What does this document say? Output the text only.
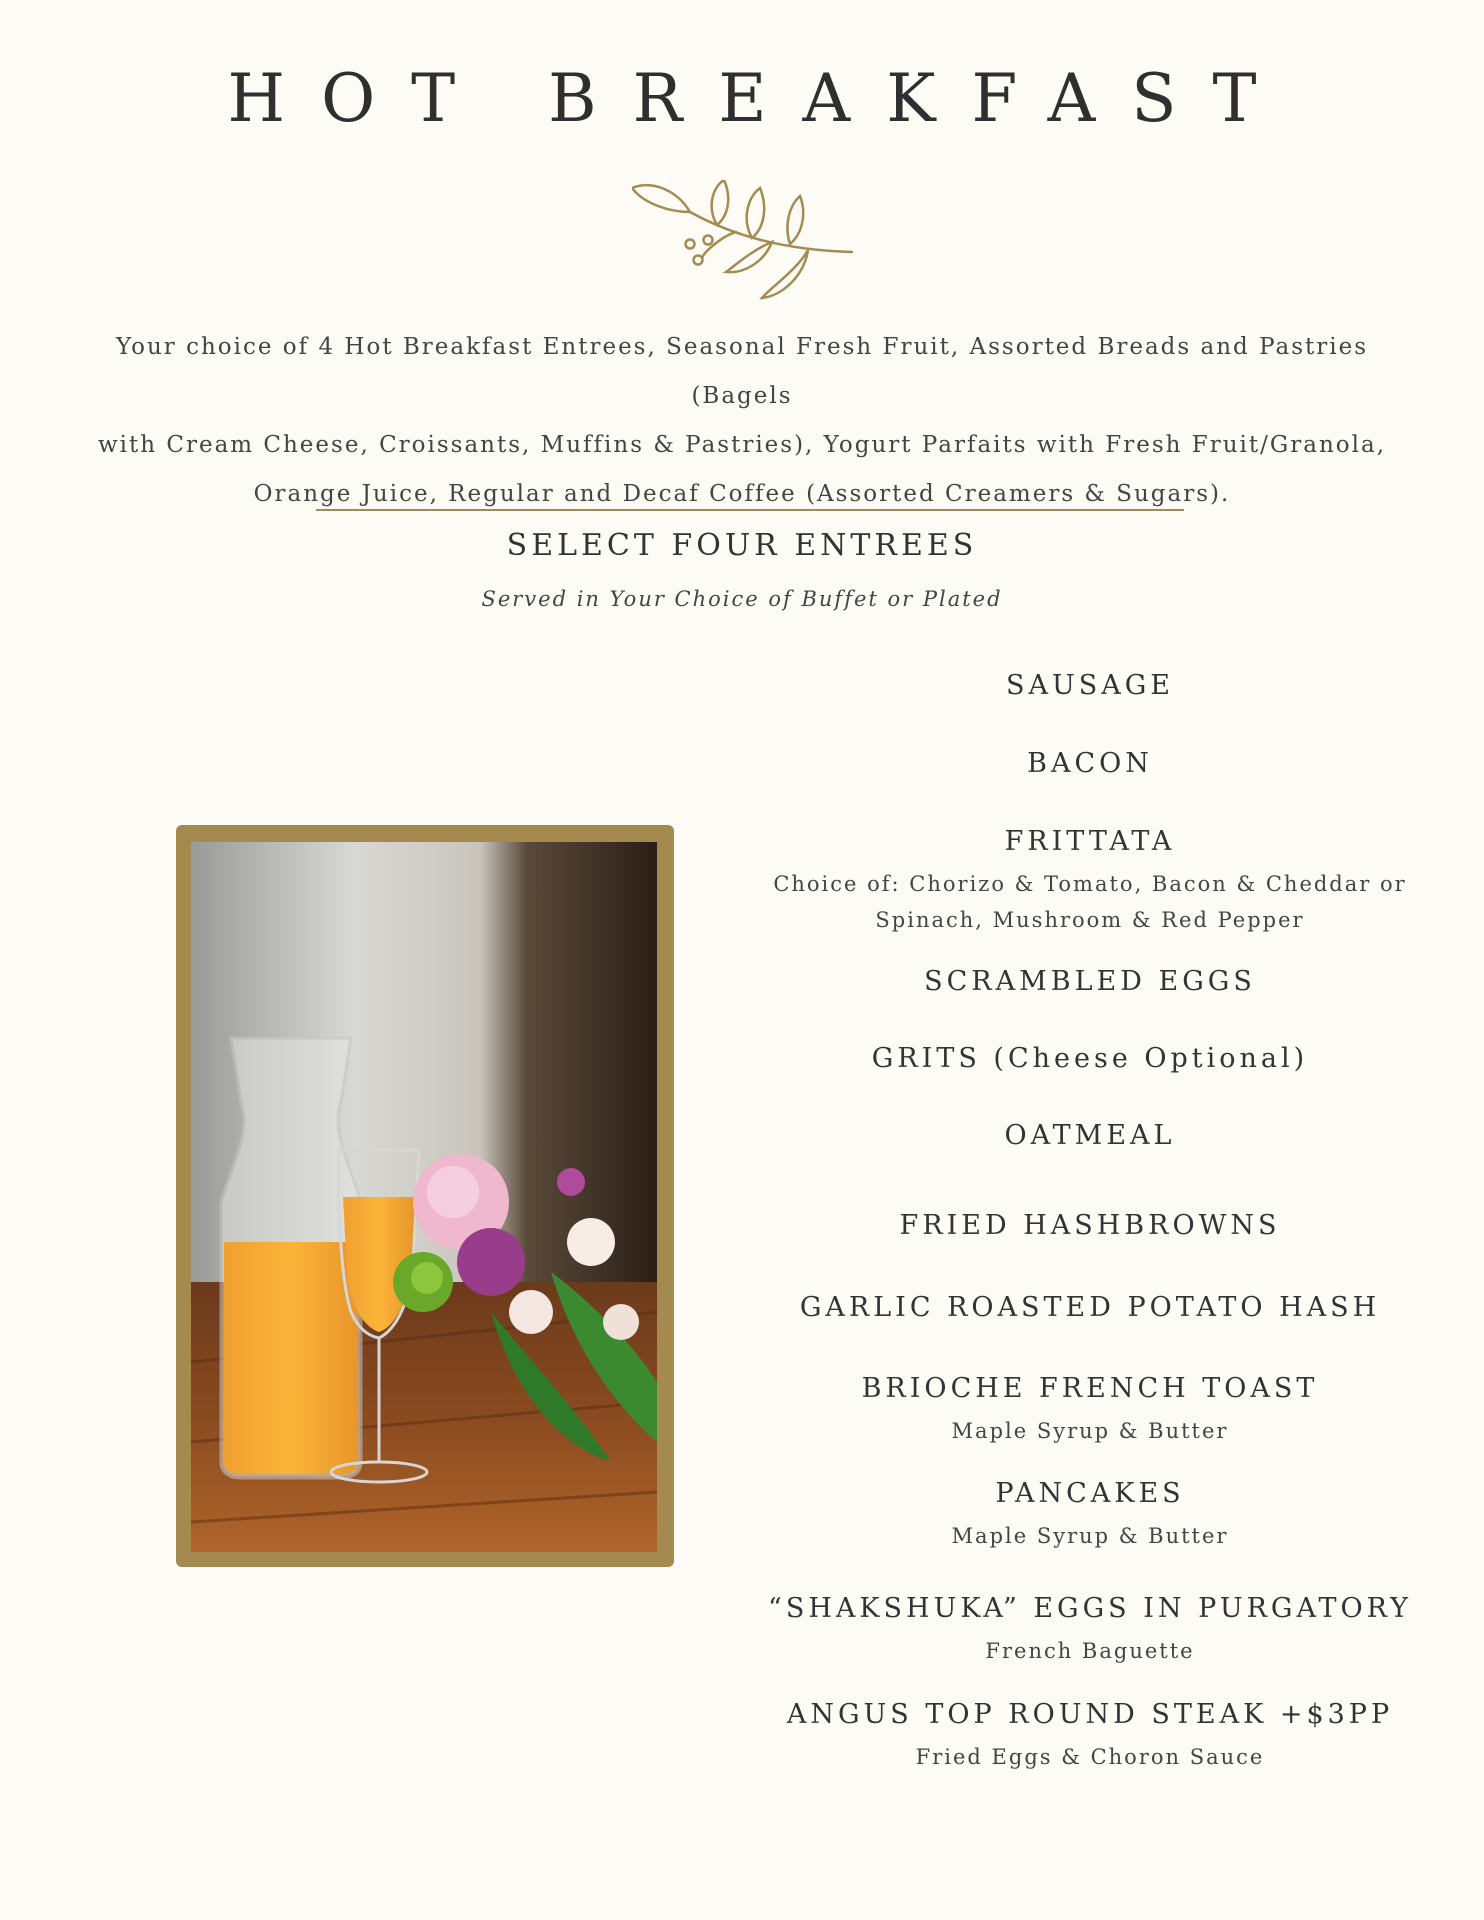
HOT BREAKFAST
Your choice of 4 Hot Breakfast Entrees, Seasonal Fresh Fruit, Assorted Breads and Pastries (Bagels
with Cream Cheese, Croissants, Muffins & Pastries), Yogurt Parfaits with Fresh Fruit/Granola,
Orange Juice, Regular and Decaf Coffee (Assorted Creamers & Sugars).
SELECT FOUR ENTREES
Served in Your Choice of Buffet or Plated
SAUSAGE
BACON
FRITTATA
Choice of: Chorizo & Tomato, Bacon & Cheddar or
Spinach, Mushroom & Red Pepper
SCRAMBLED EGGS
GRITS (Cheese Optional)
OATMEAL
FRIED HASHBROWNS
GARLIC ROASTED POTATO HASH
BRIOCHE FRENCH TOAST
Maple Syrup & Butter
PANCAKES
Maple Syrup & Butter
“SHAKSHUKA” EGGS IN PURGATORY
French Baguette
ANGUS TOP ROUND STEAK +$3PP
Fried Eggs & Choron Sauce
